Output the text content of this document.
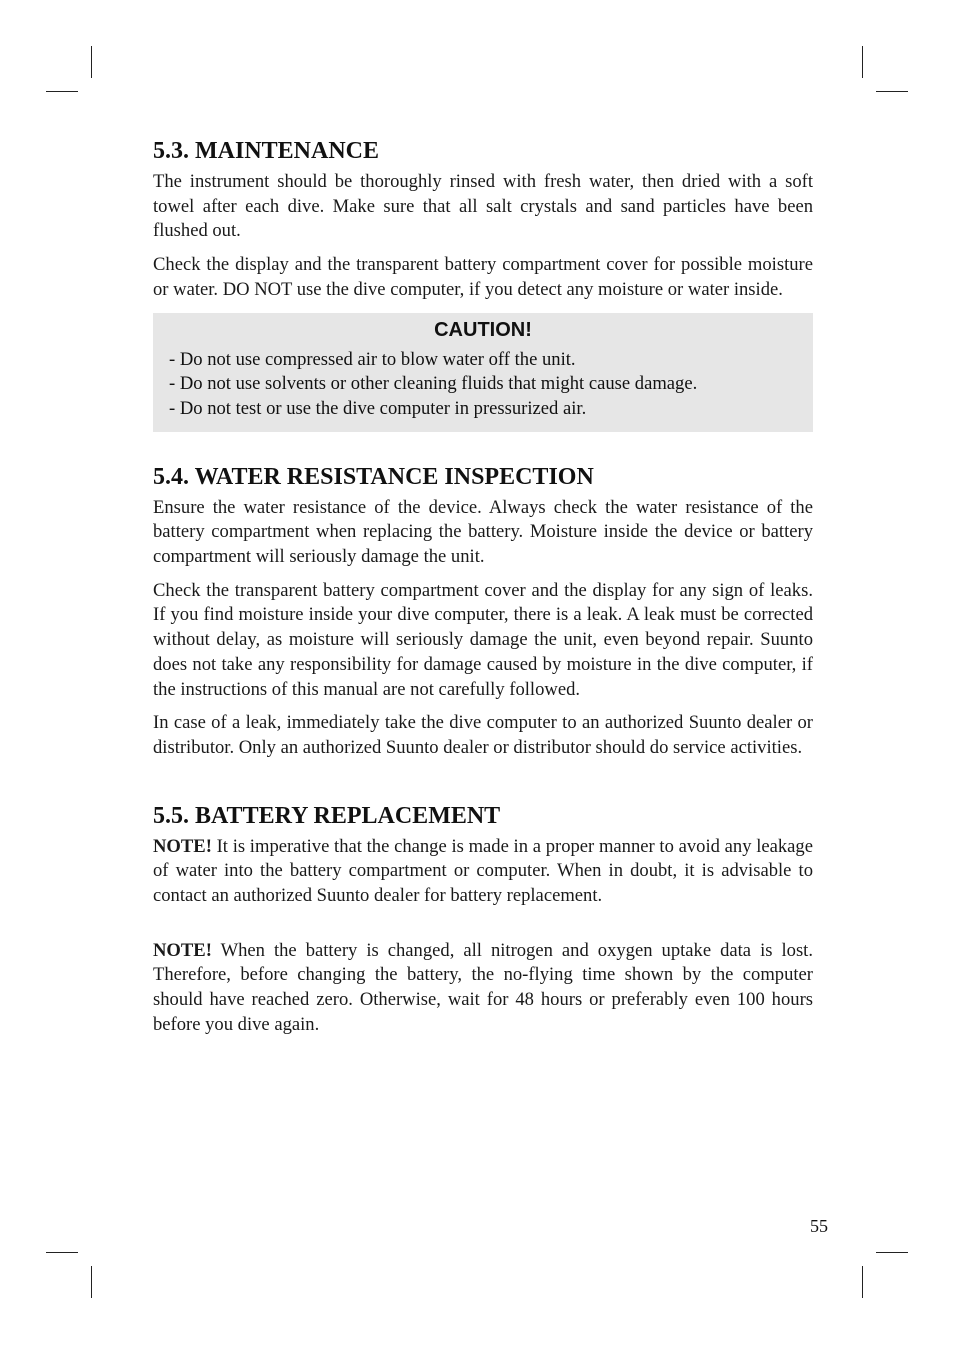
5.3. MAINTENANCE

The instrument should be thoroughly rinsed with fresh water, then dried with a soft towel after each dive. Make sure that all salt crystals and sand particles have been flushed out.

Check the display and the transparent battery compartment cover for possible moisture or water. DO NOT use the dive computer, if you detect any moisture or water inside.

CAUTION!
- Do not use compressed air to blow water off the unit.
- Do not use solvents or other cleaning fluids that might cause damage.
- Do not test or use the dive computer in pressurized air.
5.4. WATER RESISTANCE INSPECTION

Ensure the water resistance of the device. Always check the water resistance of the battery compartment when replacing the battery. Moisture inside the device or battery compartment will seriously damage the unit.

Check the transparent battery compartment cover and the display for any sign of leaks. If you find moisture inside your dive computer, there is a leak. A leak must be corrected without delay, as moisture will seriously damage the unit, even beyond repair. Suunto does not take any responsibility for damage caused by moisture in the dive computer, if the instructions of this manual are not carefully followed.

In case of a leak, immediately take the dive computer to an authorized Suunto dealer or distributor. Only an authorized Suunto dealer or distributor should do service activities.

5.5. BATTERY REPLACEMENT

NOTE! It is imperative that the change is made in a proper manner to avoid any leakage of water into the battery compartment or computer. When in doubt, it is advisable to contact an authorized Suunto dealer for battery replacement.

NOTE! When the battery is changed, all nitrogen and oxygen uptake data is lost. Therefore, before changing the battery, the no-flying time shown by the computer should have reached zero. Otherwise, wait for 48 hours or preferably even 100 hours before you dive again.

55
